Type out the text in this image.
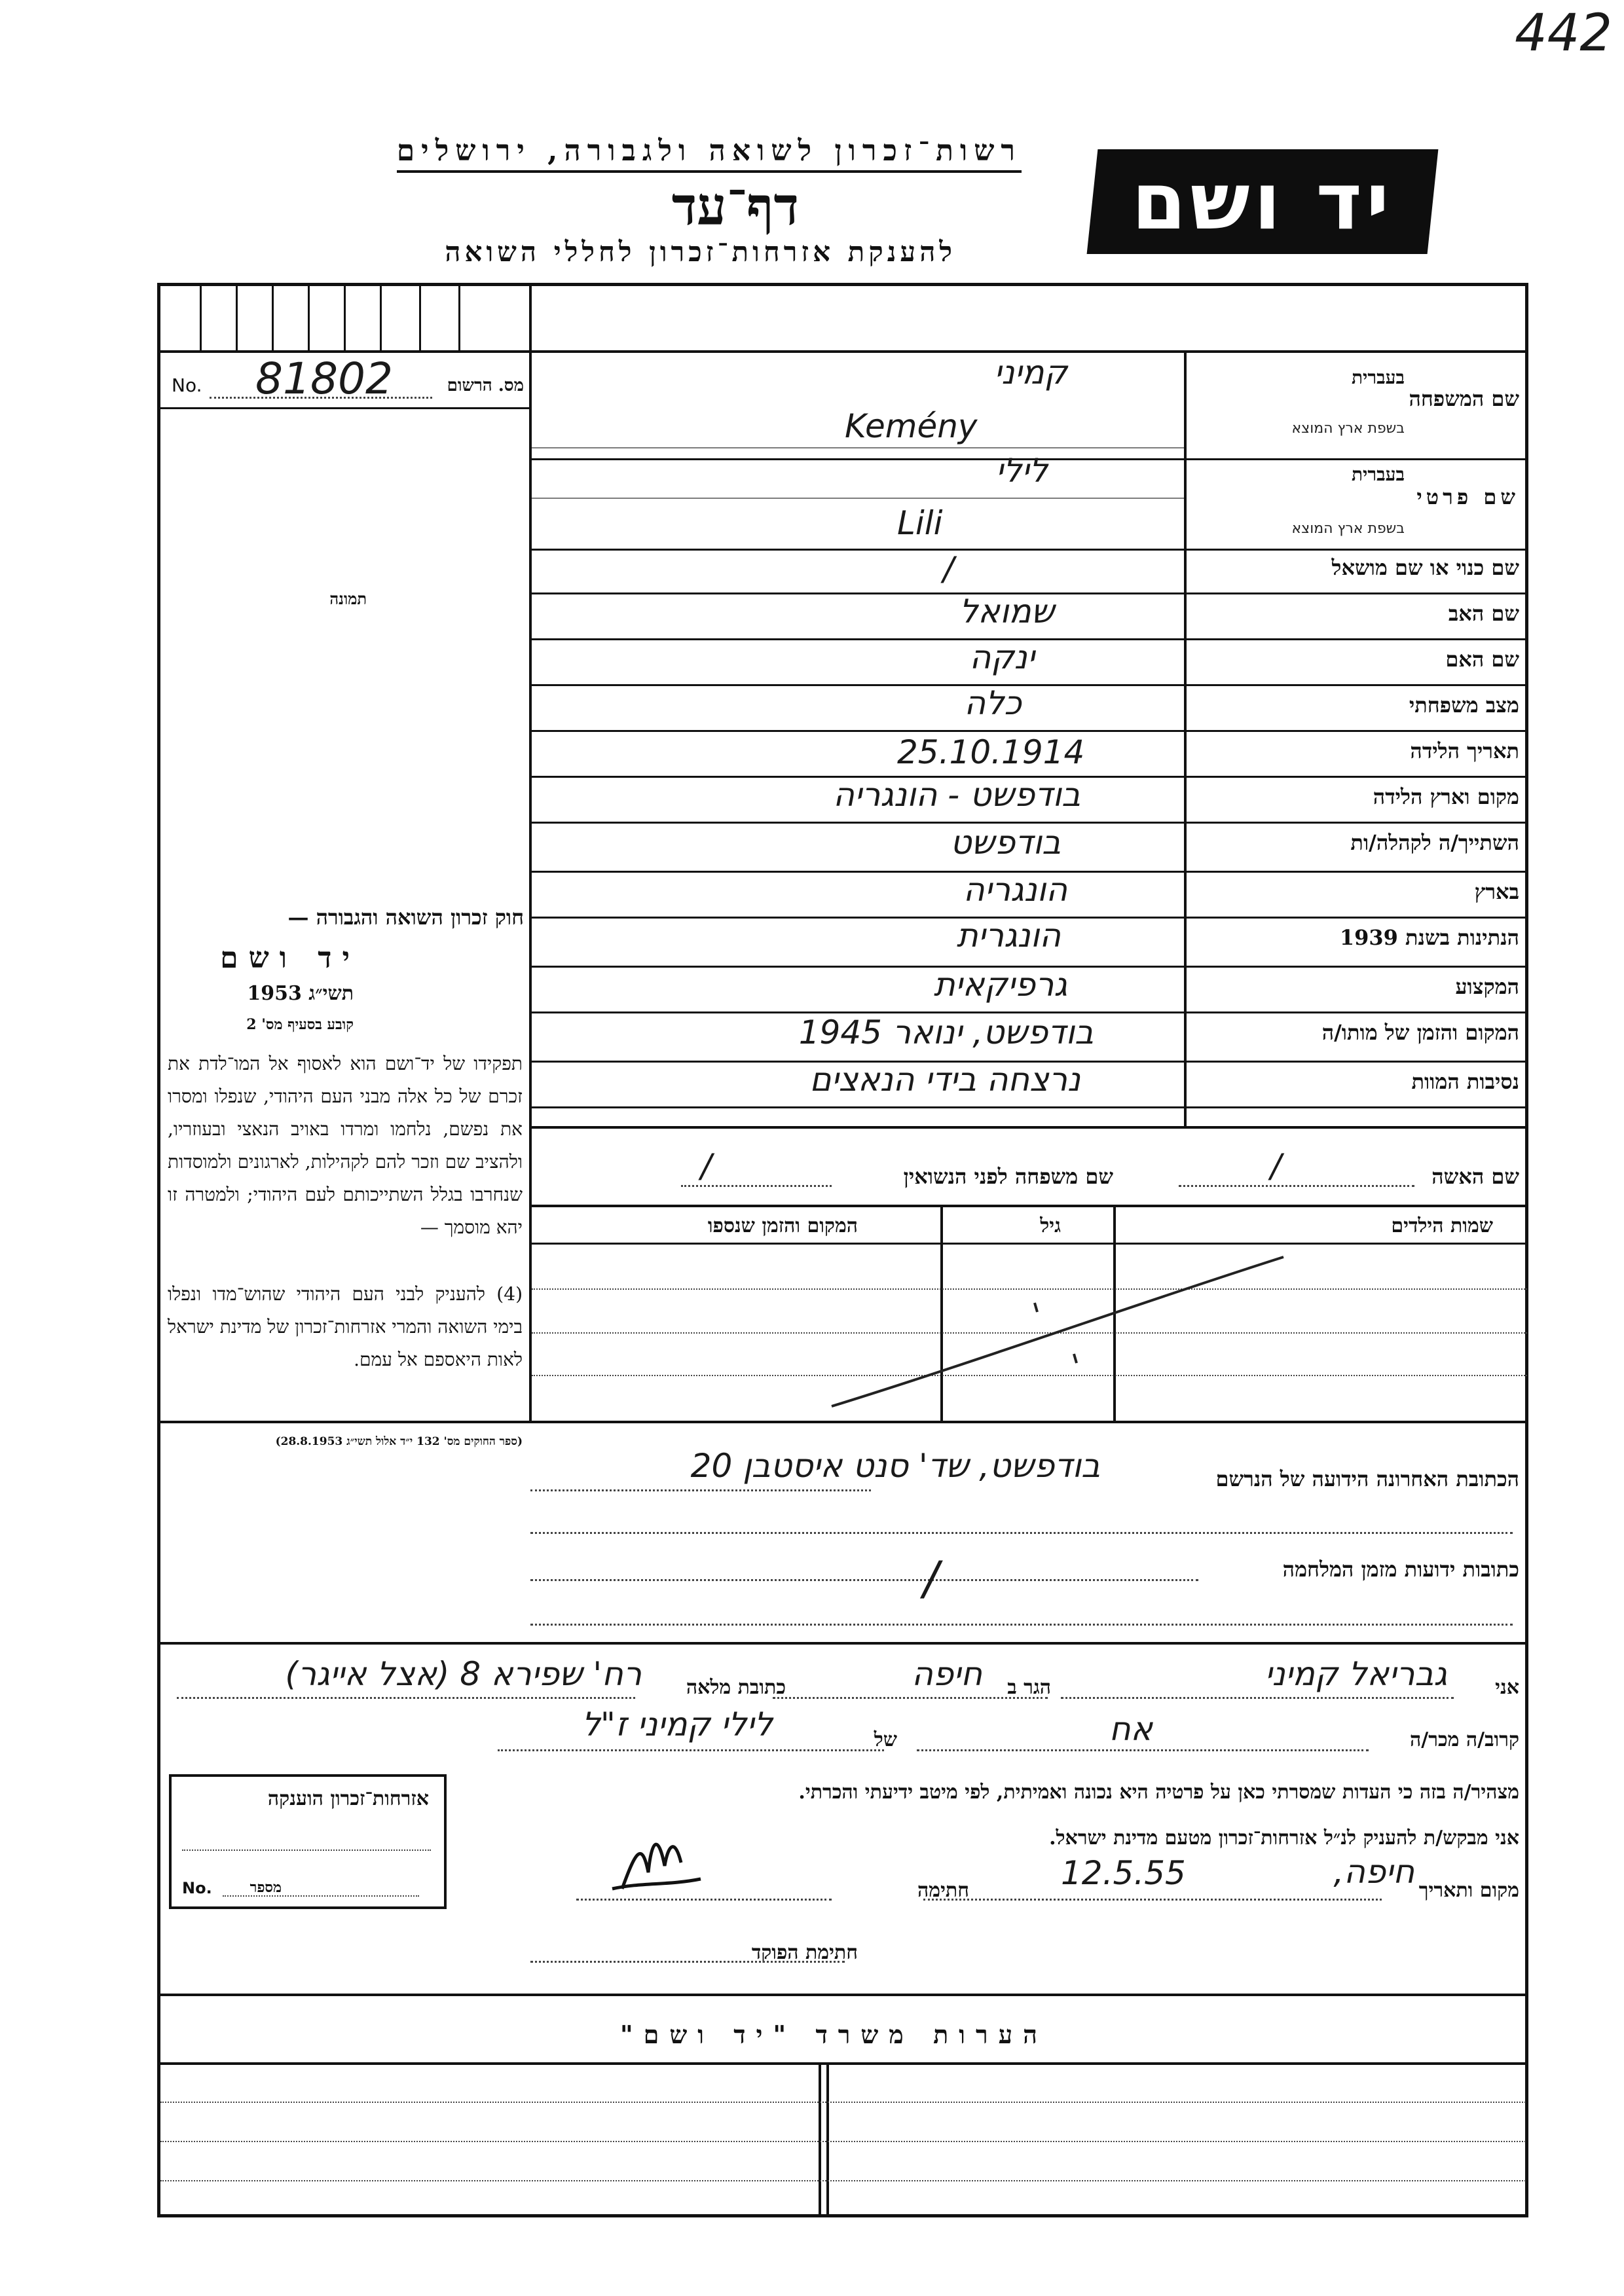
442
רשות־זכרון לשואה ולגבורה, ירושלים
דף־עד
להענקת אזרחות־זכרון לחללי השואה
יד ושם
No. 81802	מס. הרשום
תמונה
חוק זכרון השואה והגבורה —
יד ושם
תשי״ג 1953
קובע בסעיף מס' 2
תפקידו של יד־ושם הוא לאסוף אל המו־לדת את זכרם של כל אלה מבני העם היהודי, שנפלו ומסרו את נפשם, נלחמו ומרדו באויב הנאצי ובעוזריו, ולהציב שם וזכר להם לקהילות, לארגונים ולמוסדות שנחרבו בגלל השתייכותם לעם היהודי; ולמטרה זו יהא מוסמך —
(4) להעניק לבני העם היהודי שהוש־מדו ונפלו בימי השואה והמרי אזרחות־זכרון של מדינת ישראל לאות היאספם אל עמם.
(ספר החוקים מס' 132 י״ד אלול תשי״ג 28.8.1953)
שם המשפחה
בעברית
בשפת ארץ המוצא
קמיני
Kemény
שם פרטי
בעברית
בשפת ארץ המוצא
לילי
Lili
שם כנוי או שם מושאל
/
שם האב
שמואל
שם האם
ינקה
מצב משפחתי
כלה
תאריך הלידה
25.10.1914
מקום וארץ הלידה
בודפשט - הונגריה
השתייך/ה לקהלה/ות
בודפשט
בארץ
הונגריה
הנתינות בשנת 1939
הונגרית
המקצוע
גרפיקאית
המקום והזמן של מותו/ה
בודפשט, ינואר 1945
נסיבות המוות
נרצחה בידי הנאצים
שם האשה
/
שם משפחה לפני הנשואין
/
שמות הילדים
גיל
המקום והזמן שנספו
הכתובת האחרונה הידועה של הנרשם
בודפשט, שד' סנט איסטבן 20
כתובות ידועות מזמן המלחמה
/
אני
גבריאל קמיני
הגר ב
חיפה
כתובת מלאה
רח' שפירא 8 (אצל אייגר)
קרוב/ה מכר/ה
אח
של
לילי קמיני ז"ל
מצהיר/ה בזה כי העדות שמסרתי כאן על פרטיה היא נכונה ואמיתית, לפי מיטב ידיעתי והכרתי.
אני מבקש/ת להעניק לנ״ל אזרחות־זכרון מטעם מדינת ישראל.
מקום ותאריך
חיפה,
12.5.55
חתימה
חתימת הפוקד
אזרחות־זכרון הוענקה
No.	מספר
הערות משרד "יד ושם"
